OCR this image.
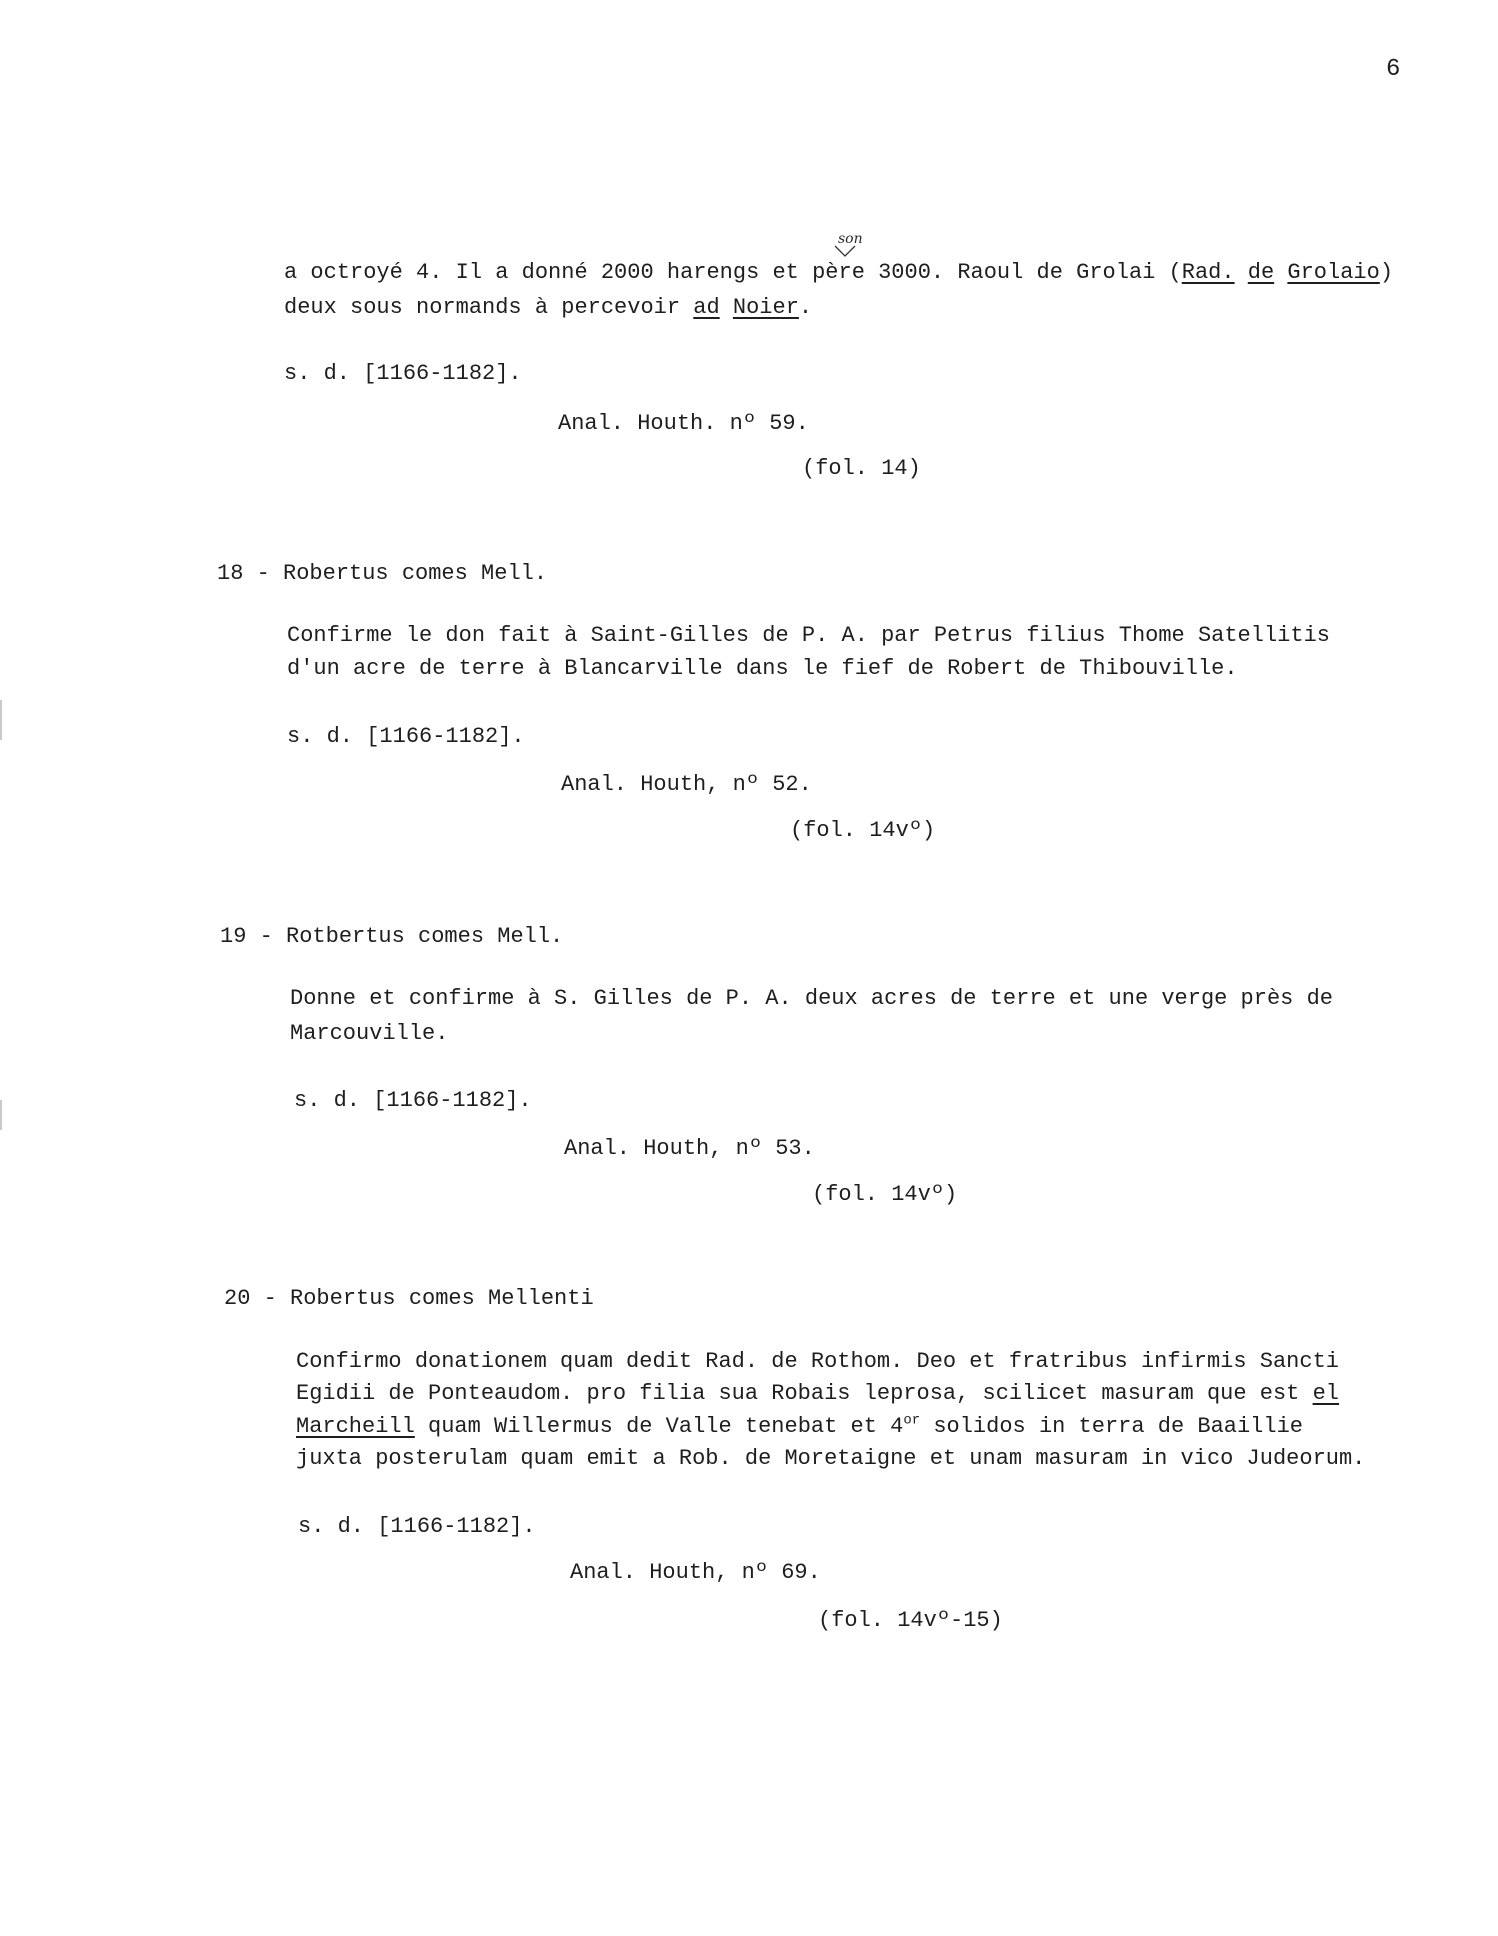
6
son
a octroyé 4. Il a donné 2000 harengs et père 3000. Raoul de Grolai (Rad. de Grolaio)
deux sous normands à percevoir ad Noier.
s. d. [1166-1182].
Anal. Houth. nº 59.
(fol. 14)
18 - Robertus comes Mell.
Confirme le don fait à Saint-Gilles de P. A. par Petrus filius Thome Satellitis
d'un acre de terre à Blancarville dans le fief de Robert de Thibouville.
s. d. [1166-1182].
Anal. Houth, nº 52.
(fol. 14vº)
19 - Rotbertus comes Mell.
Donne et confirme à S. Gilles de P. A. deux acres de terre et une verge près de
Marcouville.
s. d. [1166-1182].
Anal. Houth, nº 53.
(fol. 14vº)
20 - Robertus comes Mellenti
Confirmo donationem quam dedit Rad. de Rothom. Deo et fratribus infirmis Sancti
Egidii de Ponteaudom. pro filia sua Robais leprosa, scilicet masuram que est el
Marcheill quam Willermus de Valle tenebat et $4^{or}$ solidos in terra de Baaillie
juxta posterulam quam emit a Rob. de Moretaigne et unam masuram in vico Judeorum.
s. d. [1166-1182].
Anal. Houth, nº 69.
(fol. 14vº-15)
